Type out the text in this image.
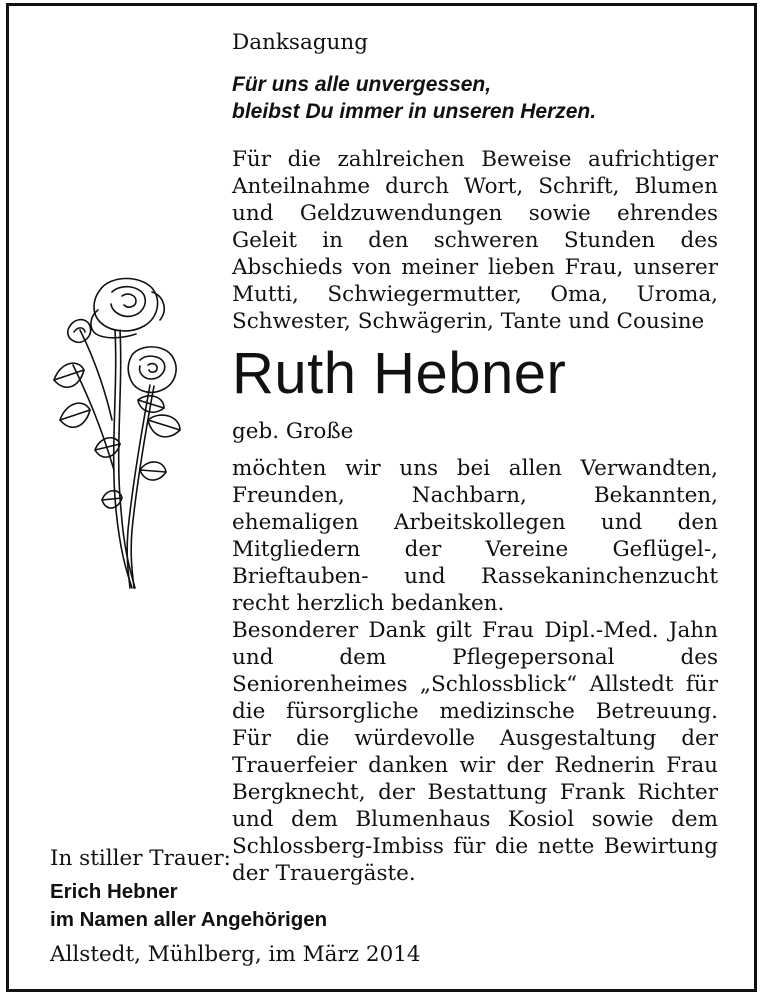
Danksagung
Für uns alle unvergessen,
bleibst Du immer in unseren Herzen.
Für die zahlreichen Beweise aufrichtiger Anteilnahme durch Wort, Schrift, Blumen und Geldzuwendungen sowie ehrendes Geleit in den schweren Stunden des Abschieds von meiner lieben Frau, unserer Mutti, Schwiegermutter, Oma, Uroma, Schwester, Schwägerin, Tante und Cousine
Ruth Hebner
geb. Große
möchten wir uns bei allen Verwandten, Freunden, Nachbarn, Bekannten, ehemaligen Arbeitskollegen und den Mitgliedern der Vereine Geflügel-, Brieftauben- und Rassekaninchenzucht recht herzlich bedanken.
Besonderer Dank gilt Frau Dipl.-Med. Jahn und dem Pflegepersonal des Seniorenheimes „Schlossblick“ Allstedt für die fürsorgliche medizinsche Betreuung. Für die würdevolle Ausgestaltung der Trauerfeier danken wir der Rednerin Frau Bergknecht, der Bestattung Frank Richter und dem Blumenhaus Kosiol sowie dem Schlossberg-Imbiss für die nette Bewirtung der Trauergäste.
In stiller Trauer:
Erich Hebner
im Namen aller Angehörigen
Allstedt, Mühlberg, im März 2014
